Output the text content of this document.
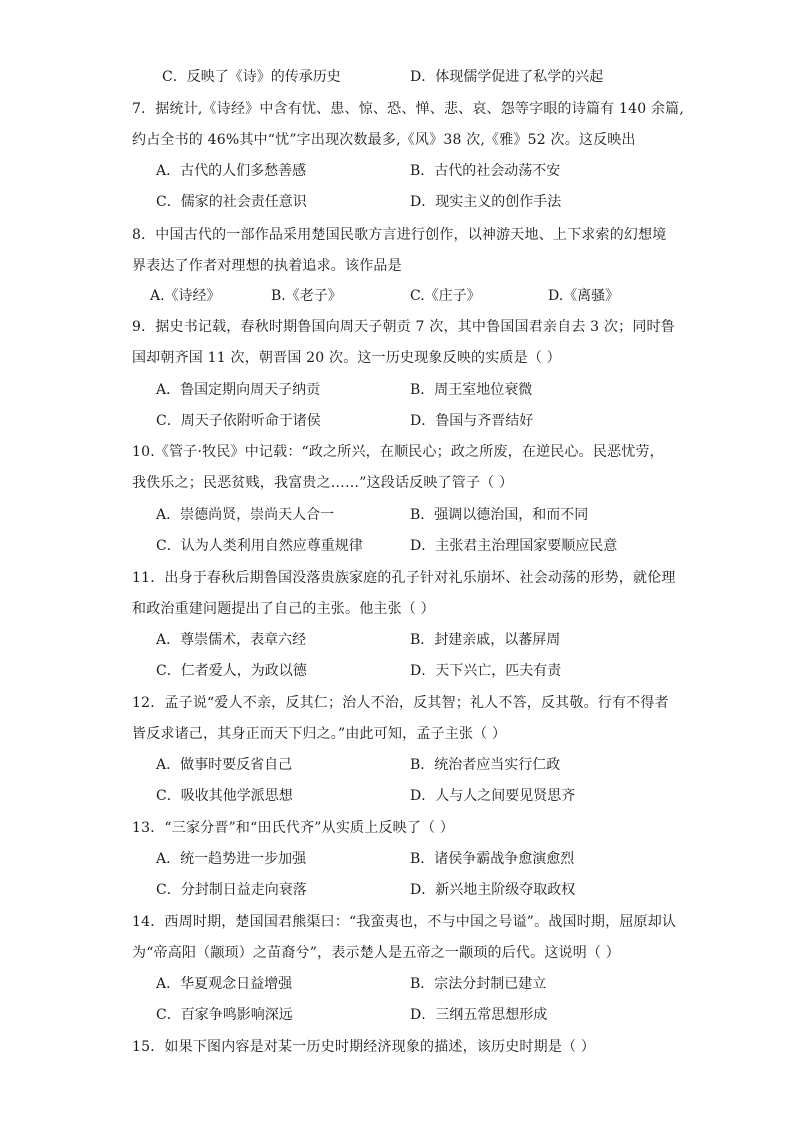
C．反映了《诗》的传承历史	D．体现儒学促进了私学的兴起
7．据统计,《诗经》中含有忧、患、惊、恐、惮、悲、哀、怨等字眼的诗篇有 140 余篇,
约占全书的 46%其中“忧”字出现次数最多,《风》38 次,《雅》52 次。这反映出
A．古代的人们多愁善感	B．古代的社会动荡不安
C．儒家的社会责任意识	D．现实主义的创作手法
8．中国古代的一部作品采用楚国民歌方言进行创作，以神游天地、上下求索的幻想境
界表达了作者对理想的执着追求。该作品是
A.《诗经》	B.《老子》	C.《庄子》	D.《离骚》
9．据史书记载，春秋时期鲁国向周天子朝贡 7 次，其中鲁国国君亲自去 3 次；同时鲁
国却朝齐国 11 次，朝晋国 20 次。这一历史现象反映的实质是（ ）
A．鲁国定期向周天子纳贡	B．周王室地位衰微
C．周天子依附听命于诸侯	D．鲁国与齐晋结好
10.《管子·牧民》中记载：“政之所兴，在顺民心；政之所废，在逆民心。民恶忧劳，
我佚乐之；民恶贫贱，我富贵之……”这段话反映了管子（ ）
A．崇德尚贤，崇尚天人合一	B．强调以德治国，和而不同
C．认为人类利用自然应尊重规律	D．主张君主治理国家要顺应民意
11．出身于春秋后期鲁国没落贵族家庭的孔子针对礼乐崩坏、社会动荡的形势，就伦理
和政治重建问题提出了自己的主张。他主张（ ）
A．尊崇儒术，表章六经	B．封建亲戚，以蕃屏周
C．仁者爱人，为政以德	D．天下兴亡，匹夫有责
12．孟子说“爱人不亲，反其仁；治人不治，反其智；礼人不答，反其敬。行有不得者
皆反求诸己，其身正而天下归之。”由此可知，孟子主张（ ）
A．做事时要反省自己	B．统治者应当实行仁政
C．吸收其他学派思想	D．人与人之间要见贤思齐
13．“三家分晋”和“田氏代齐”从实质上反映了（ ）
A．统一趋势进一步加强	B．诸侯争霸战争愈演愈烈
C．分封制日益走向衰落	D．新兴地主阶级夺取政权
14．西周时期，楚国国君熊渠曰：“我蛮夷也，不与中国之号谥”。战国时期，屈原却认
为“帝高阳（颛顼）之苗裔兮”，表示楚人是五帝之一颛顼的后代。这说明（ ）
A．华夏观念日益增强	B．宗法分封制已建立
C．百家争鸣影响深远	D．三纲五常思想形成
15．如果下图内容是对某一历史时期经济现象的描述，该历史时期是（ ）
